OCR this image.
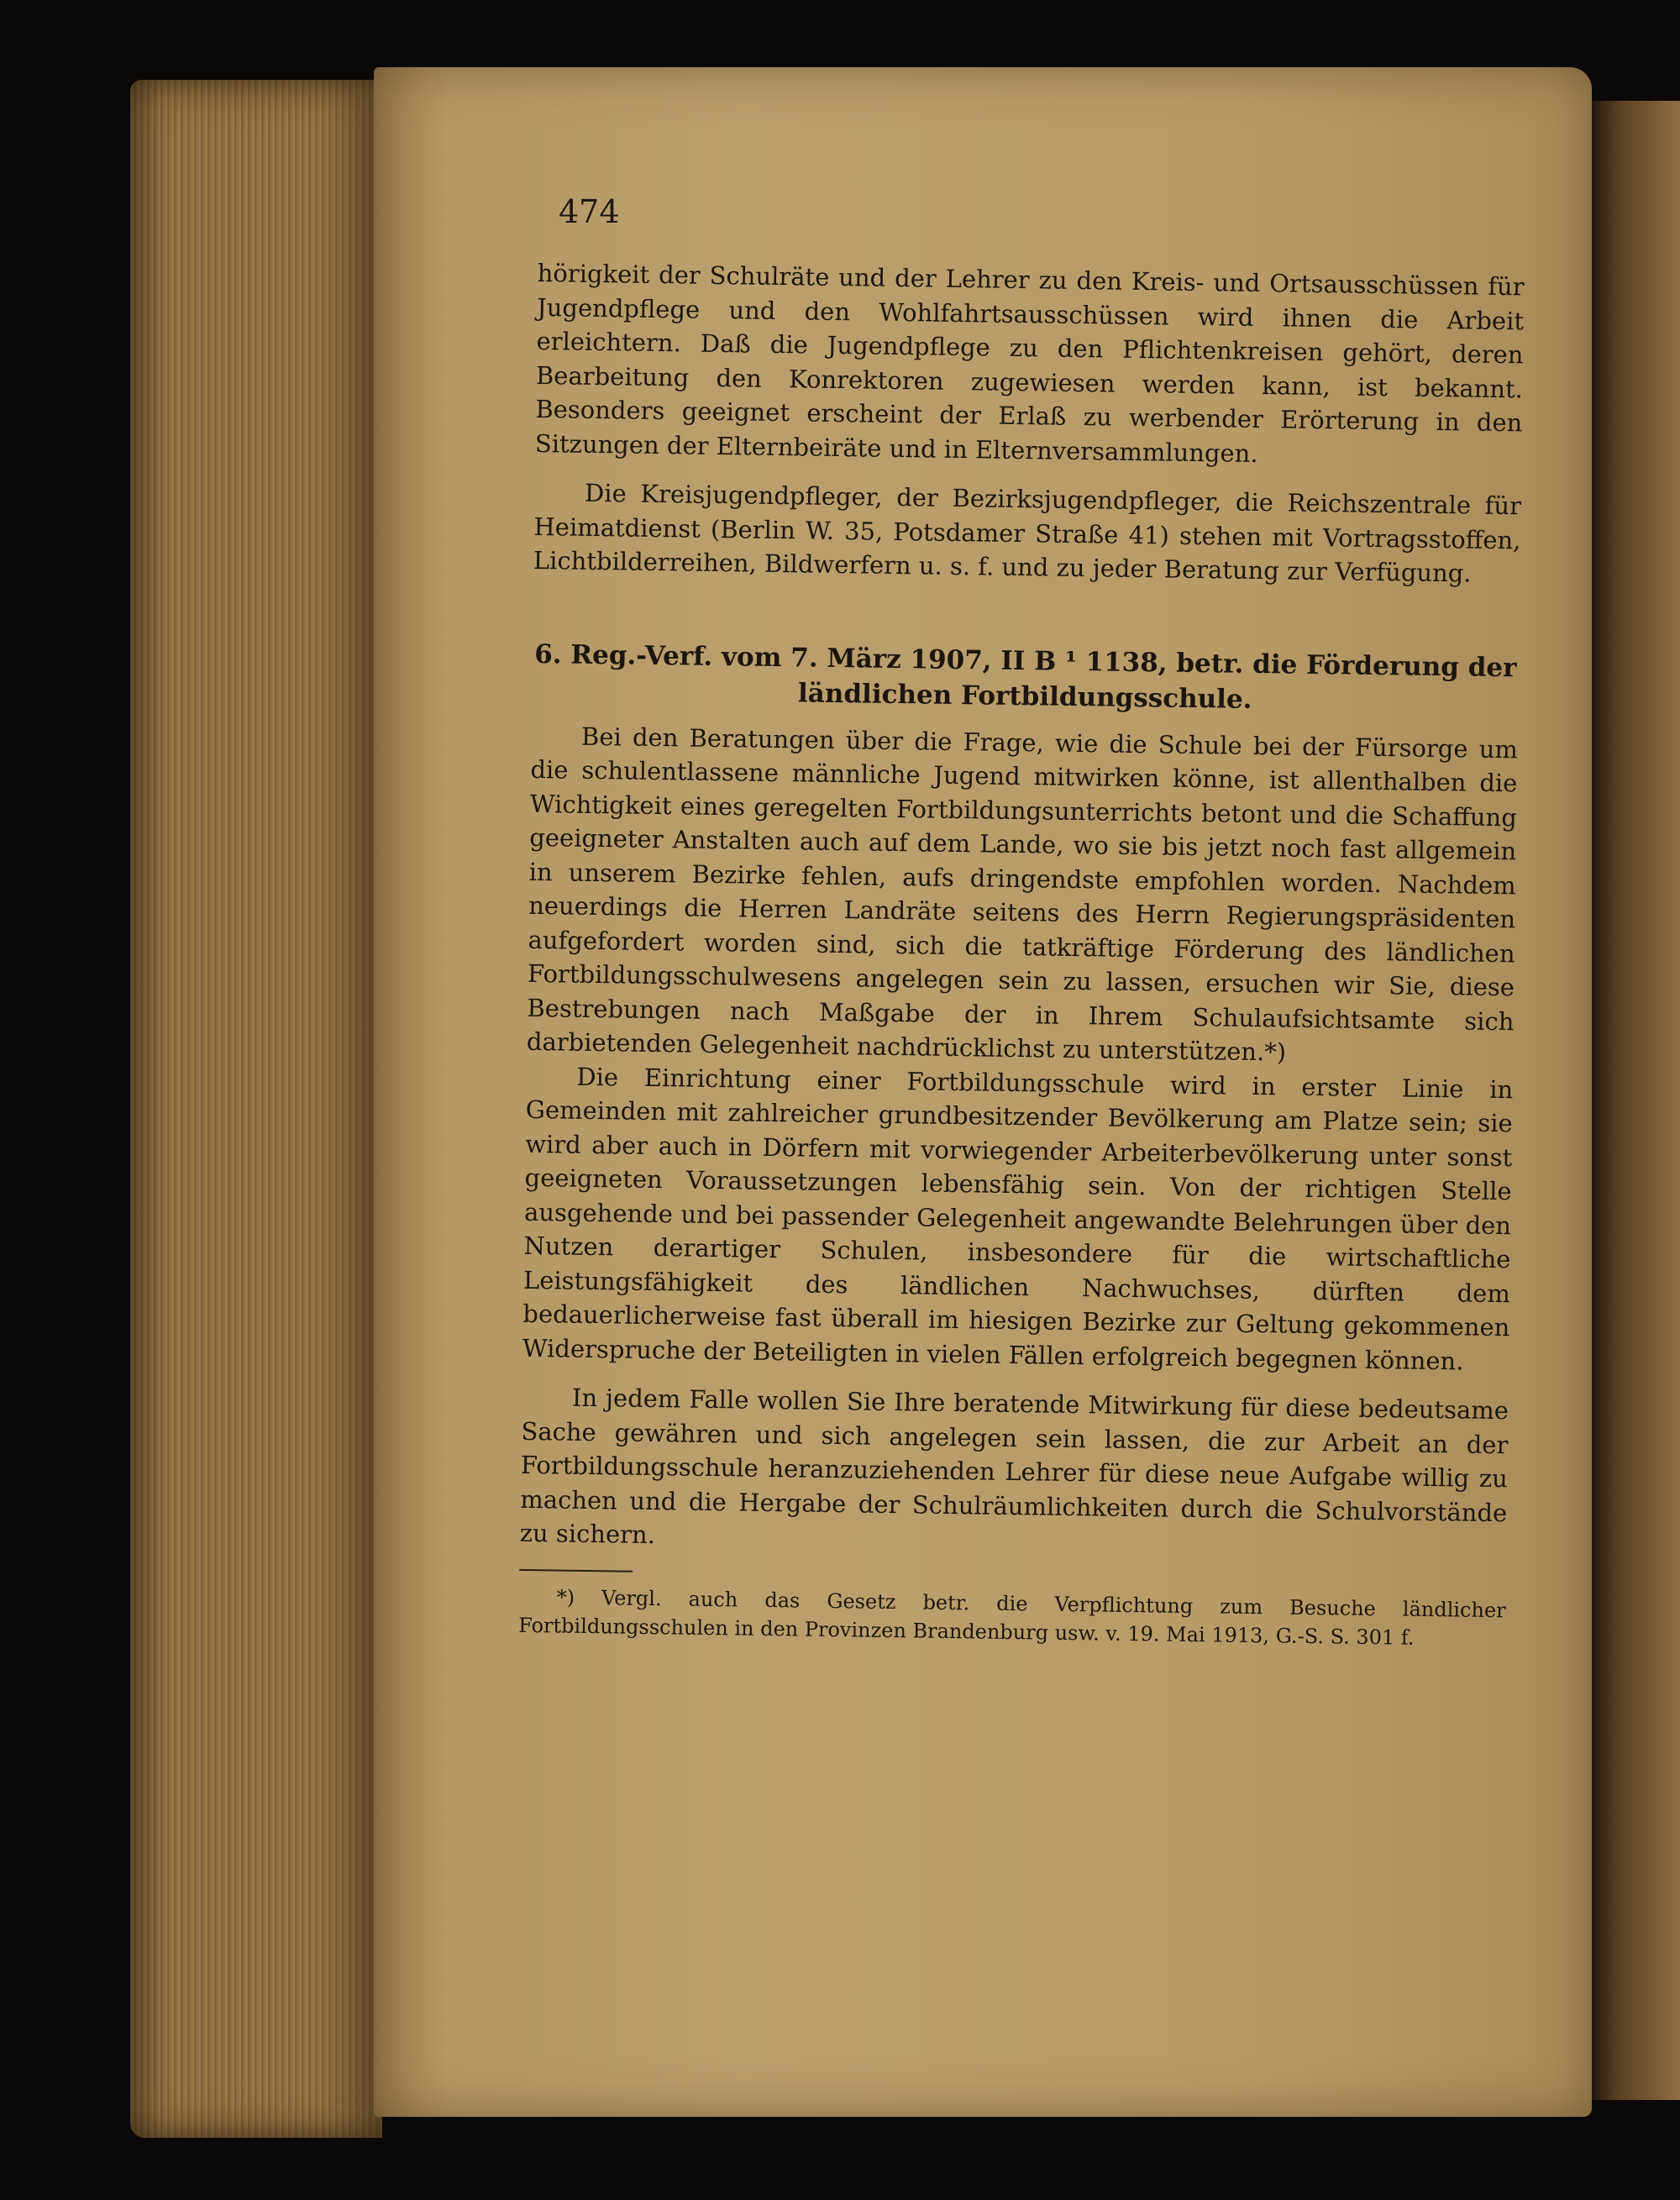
474

hörigkeit der Schulräte und der Lehrer zu den Kreis- und Ortsausschüssen für Jugendpflege und den Wohlfahrtsausschüssen wird ihnen die Arbeit erleichtern. Daß die Jugendpflege zu den Pflichtenkreisen gehört, deren Bearbeitung den Konrektoren zugewiesen werden kann, ist bekannt. Besonders geeignet erscheint der Erlaß zu werbender Erörterung in den Sitzungen der Elternbeiräte und in Elternversammlungen.

Die Kreisjugendpfleger, der Bezirksjugendpfleger, die Reichszentrale für Heimatdienst (Berlin W. 35, Potsdamer Straße 41) stehen mit Vortragsstoffen, Lichtbilderreihen, Bildwerfern u. s. f. und zu jeder Beratung zur Verfügung.

6. Reg.-Verf. vom 7. März 1907, II B ¹ 1138, betr. die Förderung der

ländlichen Fortbildungsschule.

Bei den Beratungen über die Frage, wie die Schule bei der Fürsorge um die schulentlassene männliche Jugend mitwirken könne, ist allenthalben die Wichtigkeit eines geregelten Fortbildungsunterrichts betont und die Schaffung geeigneter Anstalten auch auf dem Lande, wo sie bis jetzt noch fast allgemein in unserem Bezirke fehlen, aufs dringendste empfohlen worden. Nachdem neuerdings die Herren Landräte seitens des Herrn Regierungspräsidenten aufgefordert worden sind, sich die tatkräftige Förderung des ländlichen Fortbildungsschulwesens angelegen sein zu lassen, ersuchen wir Sie, diese Bestrebungen nach Maßgabe der in Ihrem Schulaufsichtsamte sich darbietenden Gelegenheit nachdrücklichst zu unterstützen.*)

Die Einrichtung einer Fortbildungsschule wird in erster Linie in Gemeinden mit zahlreicher grundbesitzender Bevölkerung am Platze sein; sie wird aber auch in Dörfern mit vorwiegender Arbeiterbevölkerung unter sonst geeigneten Voraussetzungen lebensfähig sein. Von der richtigen Stelle ausgehende und bei passender Gelegenheit angewandte Belehrungen über den Nutzen derartiger Schulen, insbesondere für die wirtschaftliche Leistungsfähigkeit des ländlichen Nachwuchses, dürften dem bedauerlicherweise fast überall im hiesigen Bezirke zur Geltung gekommenen Widerspruche der Beteiligten in vielen Fällen erfolgreich begegnen können.

In jedem Falle wollen Sie Ihre beratende Mitwirkung für diese bedeutsame Sache gewähren und sich angelegen sein lassen, die zur Arbeit an der Fortbildungsschule heranzuziehenden Lehrer für diese neue Aufgabe willig zu machen und die Hergabe der Schulräumlichkeiten durch die Schulvorstände zu sichern.

*) Vergl. auch das Gesetz betr. die Verpflichtung zum Besuche ländlicher Fortbildungsschulen in den Provinzen Brandenburg usw. v. 19. Mai 1913, G.-S. S. 301 f.
